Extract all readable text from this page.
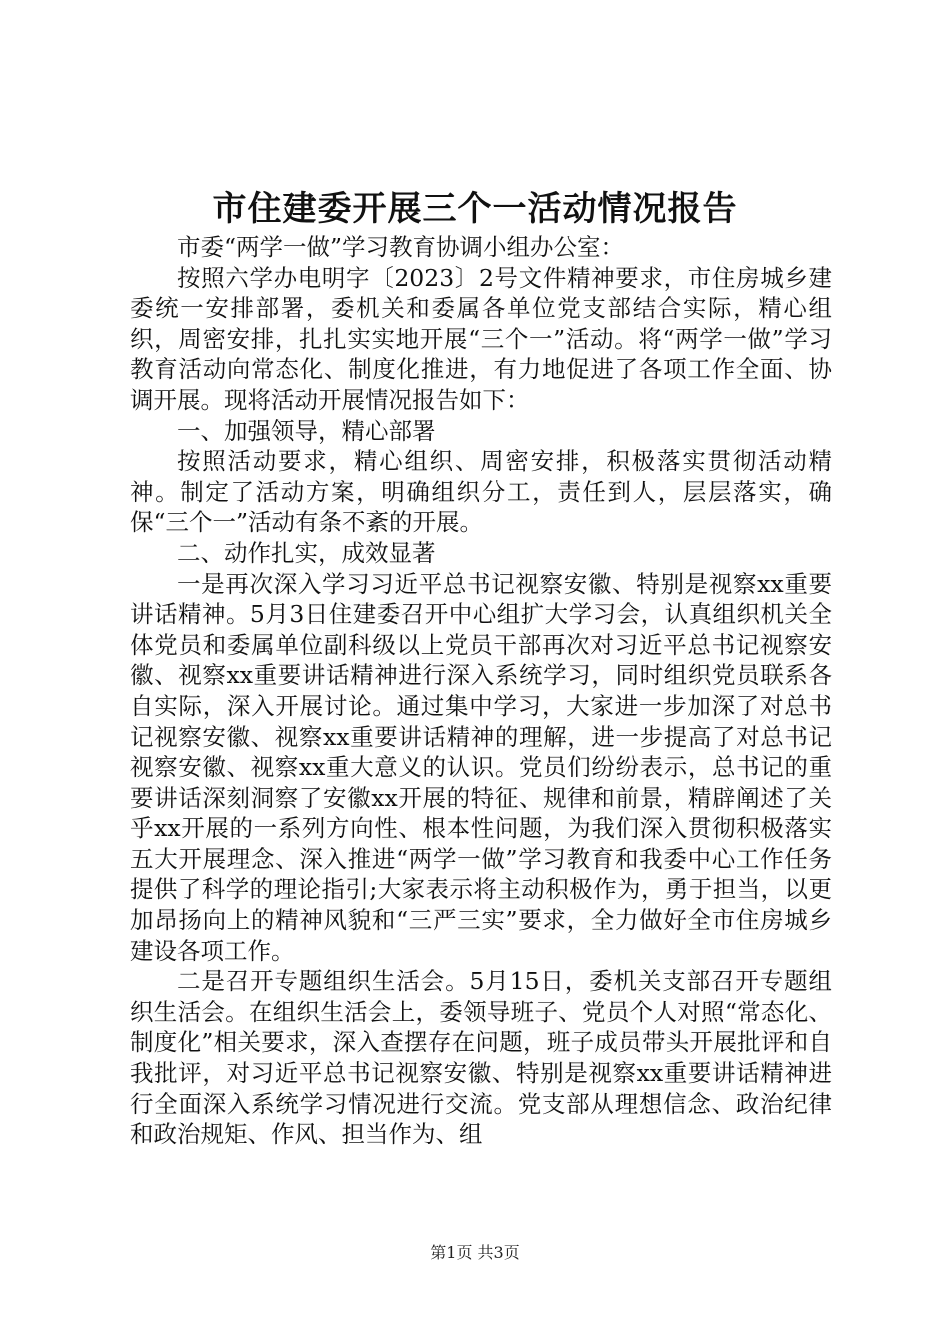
市住建委开展三个一活动情况报告

市委“两学一做”学习教育协调小组办公室：

按照六学办电明字〔2023〕2号文件精神要求，市住房城乡建委统一安排部署，委机关和委属各单位党支部结合实际，精心组织，周密安排，扎扎实实地开展“三个一”活动。将“两学一做”学习教育活动向常态化、制度化推进，有力地促进了各项工作全面、协调开展。现将活动开展情况报告如下：

一、加强领导，精心部署

按照活动要求，精心组织、周密安排，积极落实贯彻活动精神。制定了活动方案，明确组织分工，责任到人，层层落实，确保“三个一”活动有条不紊的开展。

二、动作扎实，成效显著

一是再次深入学习习近平总书记视察安徽、特别是视察xx重要讲话精神。5月3日住建委召开中心组扩大学习会，认真组织机关全体党员和委属单位副科级以上党员干部再次对习近平总书记视察安徽、视察xx重要讲话精神进行深入系统学习，同时组织党员联系各自实际，深入开展讨论。通过集中学习，大家进一步加深了对总书记视察安徽、视察xx重要讲话精神的理解，进一步提高了对总书记视察安徽、视察xx重大意义的认识。党员们纷纷表示，总书记的重要讲话深刻洞察了安徽xx开展的特征、规律和前景，精辟阐述了关乎xx开展的一系列方向性、根本性问题，为我们深入贯彻积极落实五大开展理念、深入推进“两学一做”学习教育和我委中心工作任务提供了科学的理论指引;大家表示将主动积极作为，勇于担当，以更加昂扬向上的精神风貌和“三严三实”要求，全力做好全市住房城乡建设各项工作。

二是召开专题组织生活会。5月15日，委机关支部召开专题组织生活会。在组织生活会上，委领导班子、党员个人对照“常态化、制度化”相关要求，深入查摆存在问题，班子成员带头开展批评和自我批评，对习近平总书记视察安徽、特别是视察xx重要讲话精神进行全面深入系统学习情况进行交流。党支部从理想信念、政治纪律和政治规矩、作风、担当作为、组

第1页 共3页
